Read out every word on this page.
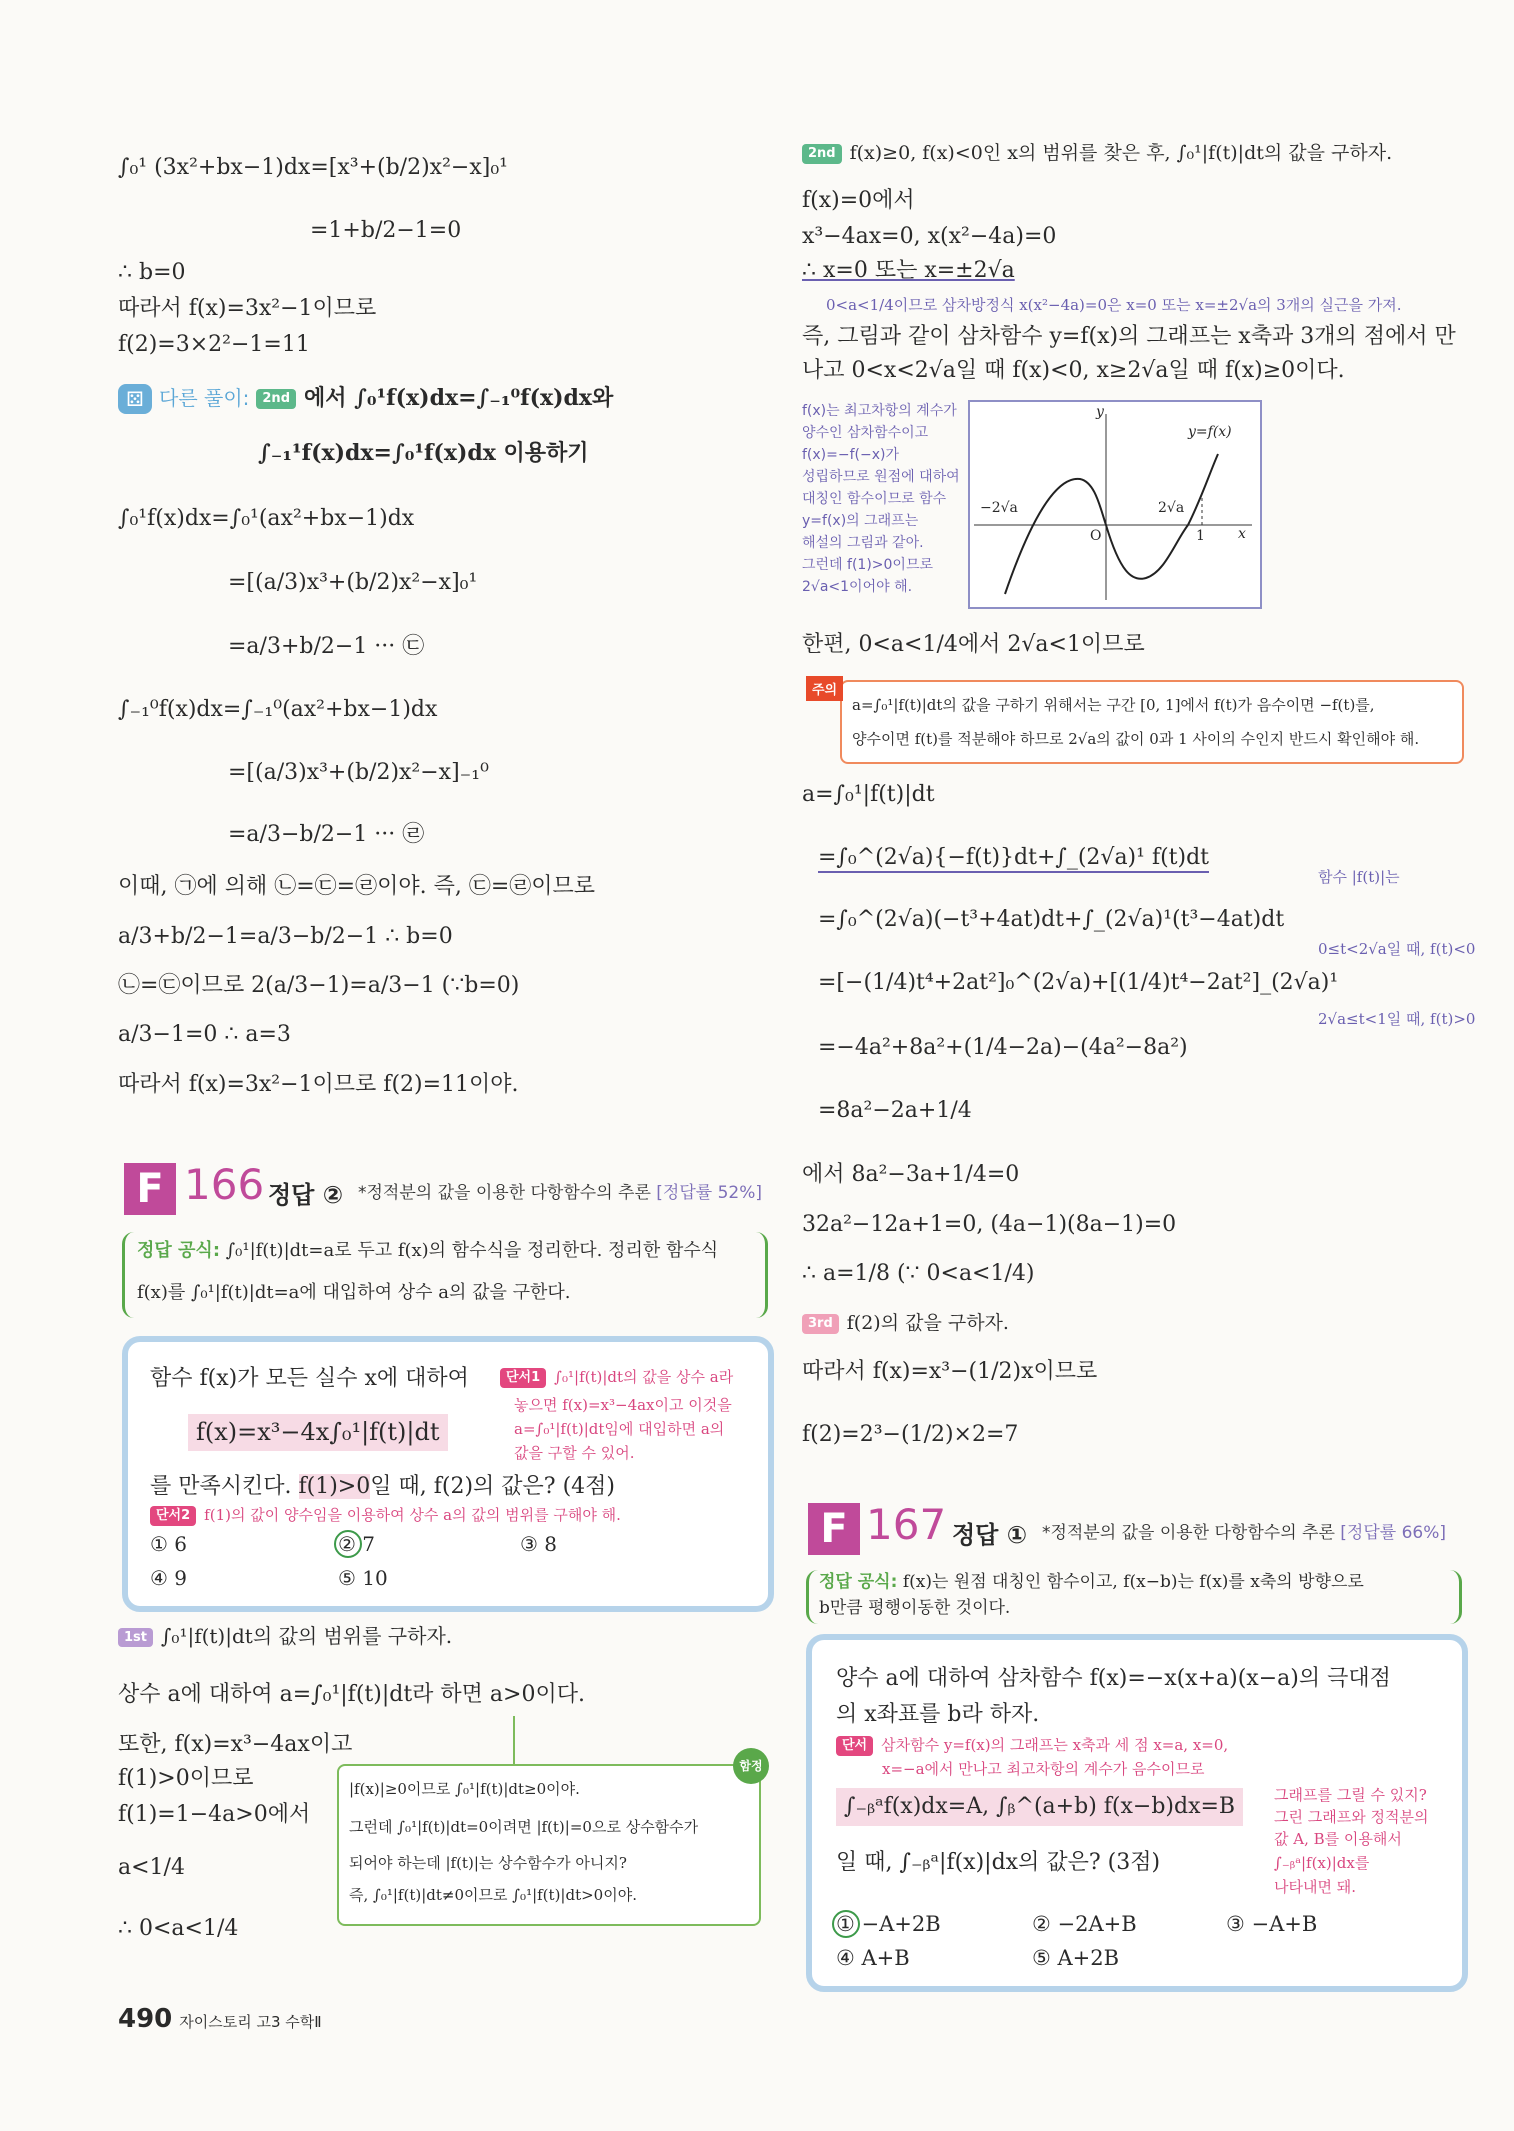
∫₀¹ (3x²+bx−1)dx=[x³+(b/2)x²−x]₀¹
=1+b/2−1=0
∴ b=0
따라서 f(x)=3x²−1이므로
f(2)=3×2²−1=11
⚄ 다른 풀이: 2nd 에서 ∫₀¹f(x)dx=∫₋₁⁰f(x)dx와
∫₋₁¹f(x)dx=∫₀¹f(x)dx 이용하기
∫₀¹f(x)dx=∫₀¹(ax²+bx−1)dx
=[(a/3)x³+(b/2)x²−x]₀¹
=a/3+b/2−1 ··· ㉢
∫₋₁⁰f(x)dx=∫₋₁⁰(ax²+bx−1)dx
=[(a/3)x³+(b/2)x²−x]₋₁⁰
=a/3−b/2−1 ··· ㉣
이때, ㉠에 의해 ㉡=㉢=㉣이야. 즉, ㉢=㉣이므로
a/3+b/2−1=a/3−b/2−1 ∴ b=0
㉡=㉢이므로 2(a/3−1)=a/3−1 (∵b=0)
a/3−1=0 ∴ a=3
따라서 f(x)=3x²−1이므로 f(2)=11이야.
F 166 정답 ② *정적분의 값을 이용한 다항함수의 추론 [정답률 52%]
정답 공식: ∫₀¹|f(t)|dt=a로 두고 f(x)의 함수식을 정리한다. 정리한 함수식
f(x)를 ∫₀¹|f(t)|dt=a에 대입하여 상수 a의 값을 구한다.
함수 f(x)가 모든 실수 x에 대하여
f(x)=x³−4x∫₀¹|f(t)|dt
를 만족시킨다. f(1)>0일 때, f(2)의 값은? (4점)
단서1 ∫₀¹|f(t)|dt의 값을 상수 a라
놓으면 f(x)=x³−4ax이고 이것을
a=∫₀¹|f(t)|dt임에 대입하면 a의
값을 구할 수 있어.
단서2 f(1)의 값이 양수임을 이용하여 상수 a의 값의 범위를 구해야 해.
① 6	② 7	③ 8
④ 9	⑤ 10
1st ∫₀¹|f(t)|dt의 값의 범위를 구하자.
상수 a에 대하여 a=∫₀¹|f(t)|dt라 하면 a>0이다.
또한, f(x)=x³−4ax이고
f(1)>0이므로
f(1)=1−4a>0에서
a<1/4
∴ 0<a<1/4
함정
|f(x)|≥0이므로 ∫₀¹|f(t)|dt≥0이야.
그런데 ∫₀¹|f(t)|dt=0이려면 |f(t)|=0으로 상수함수가
되어야 하는데 |f(t)|는 상수함수가 아니지?
즉, ∫₀¹|f(t)|dt≠0이므로 ∫₀¹|f(t)|dt>0이야.
490 자이스토리 고3 수학Ⅱ
2nd f(x)≥0, f(x)<0인 x의 범위를 찾은 후, ∫₀¹|f(t)|dt의 값을 구하자.
f(x)=0에서
x³−4ax=0, x(x²−4a)=0
∴ x=0 또는 x=±2√a
0<a<1/4이므로 삼차방정식 x(x²−4a)=0은 x=0 또는 x=±2√a의 3개의 실근을 가져.
즉, 그림과 같이 삼차함수 y=f(x)의 그래프는 x축과 3개의 점에서 만
나고 0<x<2√a일 때 f(x)<0, x≥2√a일 때 f(x)≥0이다.
f(x)는 최고차항의 계수가
양수인 삼차함수이고
f(x)=−f(−x)가
성립하므로 원점에 대하여
대칭인 함수이므로 함수
y=f(x)의 그래프는
해설의 그림과 같아.
그런데 f(1)>0이므로
2√a<1이어야 해.
y
x
O	1
−2√a	2√a
y=f(x)
한편, 0<a<1/4에서 2√a<1이므로
a=∫₀¹|f(t)|dt의 값을 구하기 위해서는 구간 [0, 1]에서 f(t)가 음수이면 −f(t)를,
양수이면 f(t)를 적분해야 하므로 2√a의 값이 0과 1 사이의 수인지 반드시 확인해야 해.
주의
a=∫₀¹|f(t)|dt
=∫₀^(2√a){−f(t)}dt+∫_(2√a)¹ f(t)dt
=∫₀^(2√a)(−t³+4at)dt+∫_(2√a)¹(t³−4at)dt
=[−(1/4)t⁴+2at²]₀^(2√a)+[(1/4)t⁴−2at²]_(2√a)¹
=−4a²+8a²+(1/4−2a)−(4a²−8a²)
=8a²−2a+1/4
에서 8a²−3a+1/4=0
32a²−12a+1=0, (4a−1)(8a−1)=0
∴ a=1/8 (∵ 0<a<1/4)
함수 |f(t)|는
0≤t<2√a일 때, f(t)<0
2√a≤t<1일 때, f(t)>0
3rd f(2)의 값을 구하자.
따라서 f(x)=x³−(1/2)x이므로
f(2)=2³−(1/2)×2=7
F 167 정답 ① *정적분의 값을 이용한 다항함수의 추론 [정답률 66%]
정답 공식: f(x)는 원점 대칭인 함수이고, f(x−b)는 f(x)를 x축의 방향으로
b만큼 평행이동한 것이다.
양수 a에 대하여 삼차함수 f(x)=−x(x+a)(x−a)의 극대점
의 x좌표를 b라 하자.
단서 삼차함수 y=f(x)의 그래프는 x축과 세 점 x=a, x=0,
x=−a에서 만나고 최고차항의 계수가 음수이므로
∫₋ᵦᵃf(x)dx=A, ∫ᵦ^(a+b) f(x−b)dx=B	그래프를 그릴 수 있지?
그린 그래프와 정적분의
값 A, B를 이용해서
∫₋ᵦᵃ|f(x)|dx를
나타내면 돼.
일 때, ∫₋ᵦᵃ|f(x)|dx의 값은? (3점)
① −A+2B	② −2A+B	③ −A+B
④ A+B	⑤ A+2B
